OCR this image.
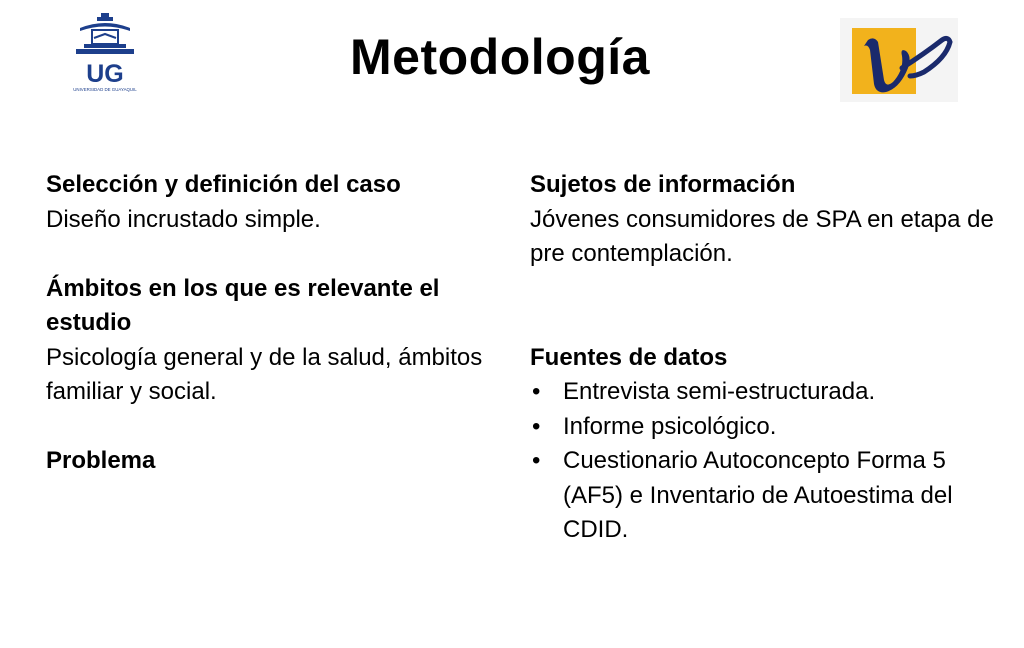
UG
UNIVERSIDAD DE GUAYAQUIL
Metodología
Selección y definición del caso
Diseño incrustado simple.
Ámbitos en los que es relevante el estudio
Psicología general y de la salud, ámbitos familiar y social.
Problema
Sujetos de información
Jóvenes consumidores de SPA en etapa de pre contemplación.
Fuentes de datos
• Entrevista semi-estructurada.
• Informe psicológico.
• Cuestionario Autoconcepto Forma 5 (AF5) e Inventario de Autoestima del CDID.
